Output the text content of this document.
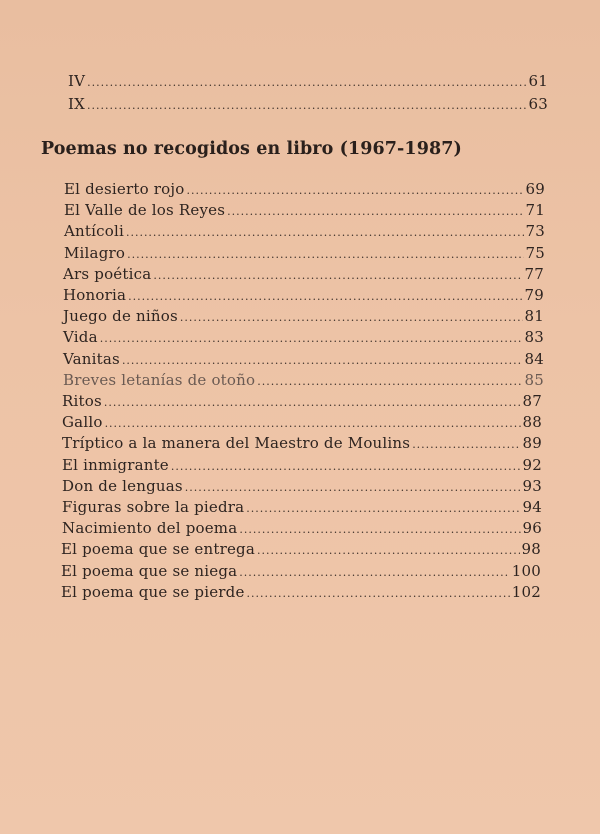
IV .....	61
IX .....	63
Poemas no recogidos en libro (1967-1987)
El desierto rojo .....	69
El Valle de los Reyes .....	71
Antícoli .....	73
Milagro .....	75
Ars poética .....	77
Honoria .....	79
Juego de niños .....	81
Vida .....	83
Vanitas .....	84
Breves letanías de otoño .....	85
Ritos .....	87
Gallo .....	88
Tríptico a la manera del Maestro de Moulins .....	89
El inmigrante .....	92
Don de lenguas .....	93
Figuras sobre la piedra .....	94
Nacimiento del poema .....	96
El poema que se entrega .....	98
El poema que se niega .....	100
El poema que se pierde .....	102
